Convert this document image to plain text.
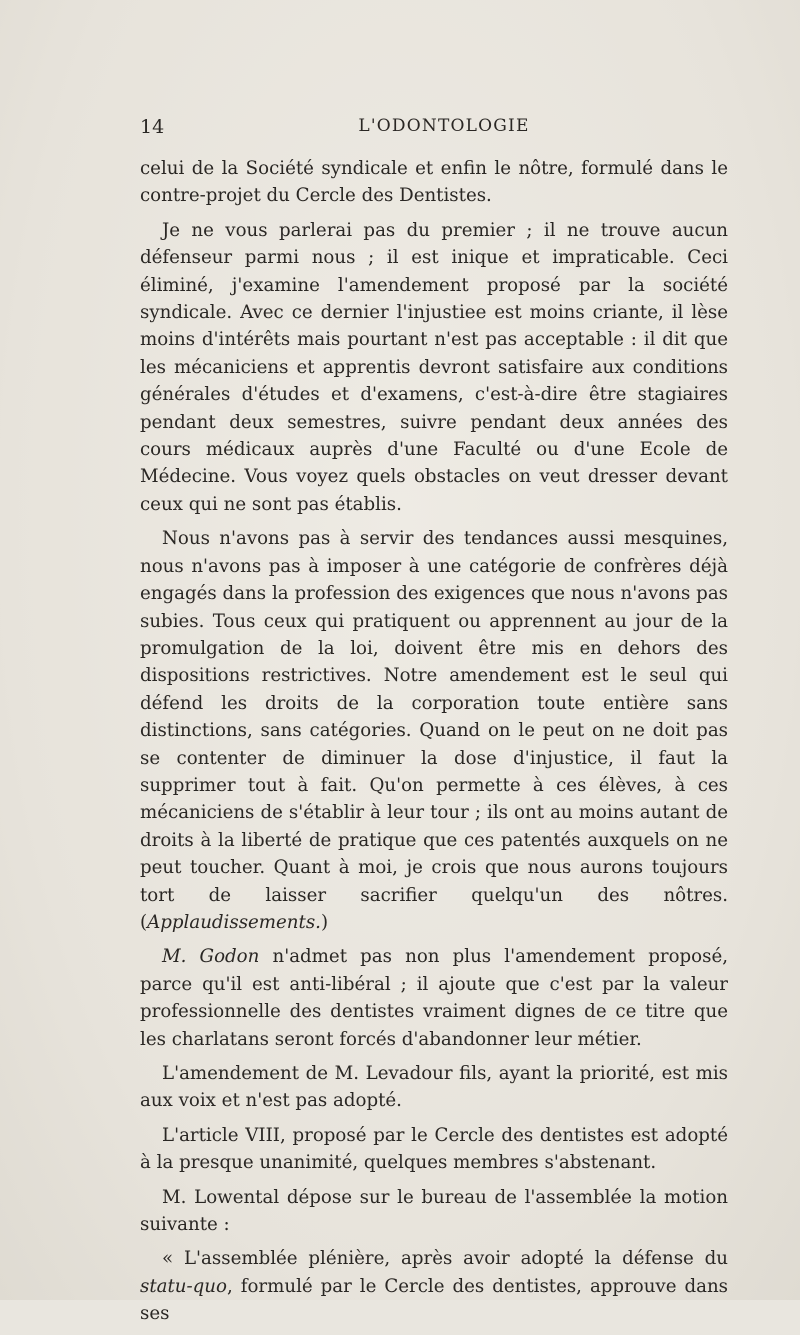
14	L'ODONTOLOGIE

celui de la Société syndicale et enfin le nôtre, formulé dans le contre-projet du Cercle des Dentistes.

Je ne vous parlerai pas du premier ; il ne trouve aucun défenseur parmi nous ; il est inique et impraticable. Ceci éliminé, j'examine l'amendement proposé par la société syndicale. Avec ce dernier l'injustiee est moins criante, il lèse moins d'intérêts mais pourtant n'est pas acceptable : il dit que les mécaniciens et apprentis devront satisfaire aux conditions générales d'études et d'examens, c'est-à-dire être stagiaires pendant deux semestres, suivre pendant deux années des cours médicaux auprès d'une Faculté ou d'une Ecole de Médecine. Vous voyez quels obstacles on veut dresser devant ceux qui ne sont pas établis.

Nous n'avons pas à servir des tendances aussi mesquines, nous n'avons pas à imposer à une catégorie de confrères déjà engagés dans la profession des exigences que nous n'avons pas subies. Tous ceux qui pratiquent ou apprennent au jour de la promulgation de la loi, doivent être mis en dehors des dispositions restrictives. Notre amendement est le seul qui défend les droits de la corporation toute entière sans distinctions, sans catégories. Quand on le peut on ne doit pas se contenter de diminuer la dose d'injustice, il faut la supprimer tout à fait. Qu'on permette à ces élèves, à ces mécaniciens de s'établir à leur tour ; ils ont au moins autant de droits à la liberté de pratique que ces patentés auxquels on ne peut toucher. Quant à moi, je crois que nous aurons toujours tort de laisser sacrifier quelqu'un des nôtres. (Applaudissements.)

M. Godon n'admet pas non plus l'amendement proposé, parce qu'il est anti-libéral ; il ajoute que c'est par la valeur professionnelle des dentistes vraiment dignes de ce titre que les charlatans seront forcés d'abandonner leur métier.

L'amendement de M. Levadour fils, ayant la priorité, est mis aux voix et n'est pas adopté.

L'article VIII, proposé par le Cercle des dentistes est adopté à la presque unanimité, quelques membres s'abstenant.

M. Lowental dépose sur le bureau de l'assemblée la motion suivante :

« L'assemblée plénière, après avoir adopté la défense du statu-quo, formulé par le Cercle des dentistes, approuve dans ses
